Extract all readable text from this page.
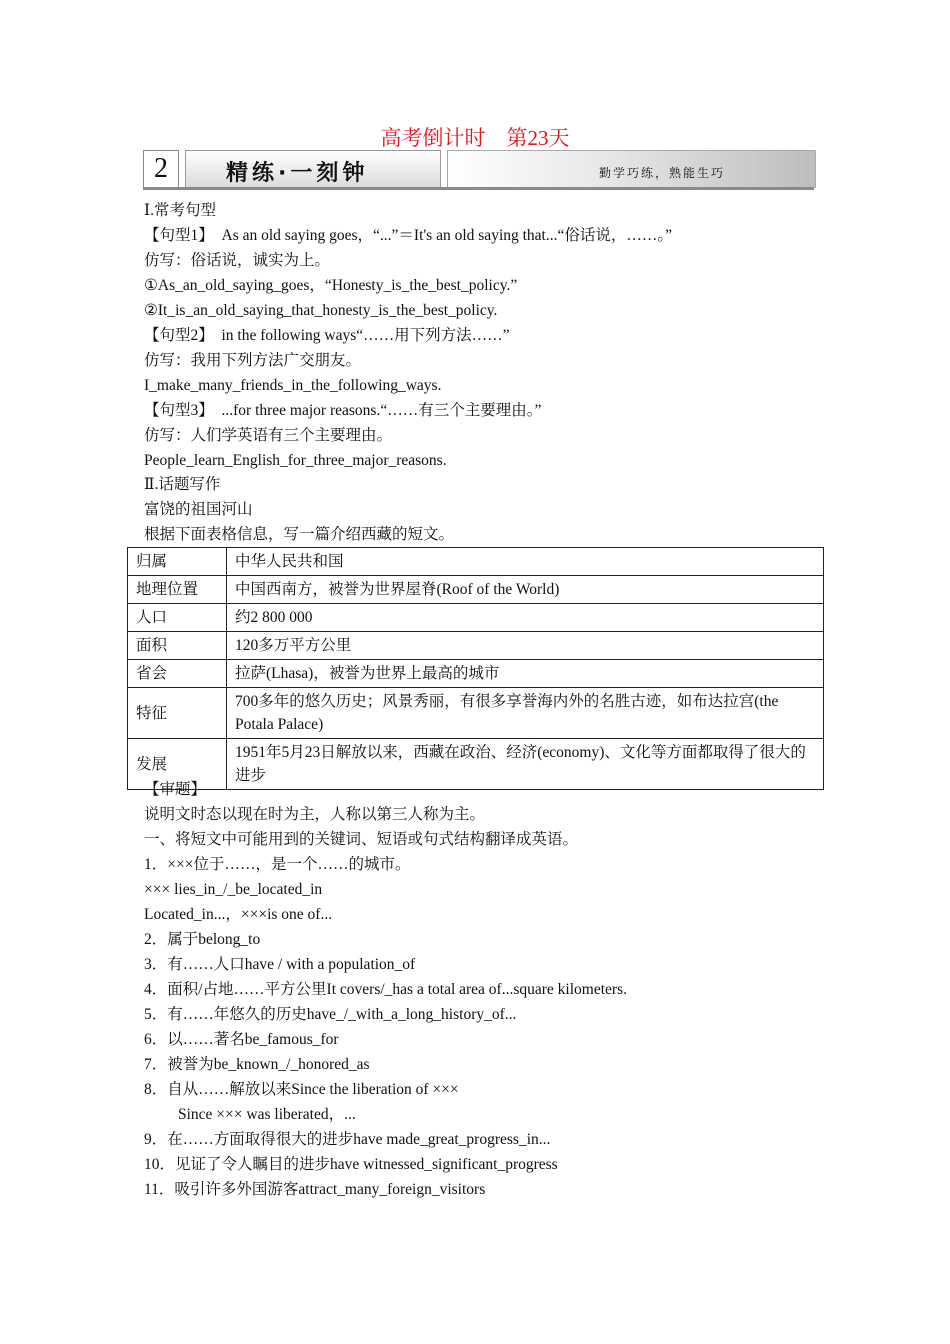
高考倒计时　第23天
2	精练·一刻钟	勤学巧练，熟能生巧
Ⅰ.常考句型
【句型1】　As an old saying goes，“...”＝It's an old saying that...“俗话说，……。”
仿写：俗话说，诚实为上。
①As_an_old_saying_goes，“Honesty_is_the_best_policy.”
②It_is_an_old_saying_that_honesty_is_the_best_policy.
【句型2】　in the following ways“……用下列方法……”
仿写：我用下列方法广交朋友。
I_make_many_friends_in_the_following_ways.
【句型3】　...for three major reasons.“……有三个主要理由。”
仿写：人们学英语有三个主要理由。
People_learn_English_for_three_major_reasons.
Ⅱ.话题写作
富饶的祖国河山
根据下面表格信息，写一篇介绍西藏的短文。
归属	中华人民共和国
地理位置	中国西南方，被誉为世界屋脊(Roof of the World)
人口	约2 800 000
面积	120多万平方公里
省会	拉萨(Lhasa)，被誉为世界上最高的城市
特征	700多年的悠久历史；风景秀丽，有很多享誉海内外的名胜古迹，如布达拉宫(the Potala Palace)
发展	1951年5月23日解放以来，西藏在政治、经济(economy)、文化等方面都取得了很大的进步
【审题】
说明文时态以现在时为主，人称以第三人称为主。
一、将短文中可能用到的关键词、短语或句式结构翻译成英语。
1．×××位于……，是一个……的城市。
××× lies_in_/_be_located_in
Located_in...，×××is one of...
2．属于belong_to
3．有……人口have / with a population_of
4．面积/占地……平方公里It covers/_has a total area of...square kilometers.
5．有……年悠久的历史have_/_with_a_long_history_of...
6．以……著名be_famous_for
7．被誉为be_known_/_honored_as
8．自从……解放以来Since the liberation of ×××
Since ××× was liberated，...
9．在……方面取得很大的进步have made_great_progress_in...
10．见证了令人瞩目的进步have witnessed_significant_progress
11．吸引许多外国游客attract_many_foreign_visitors
